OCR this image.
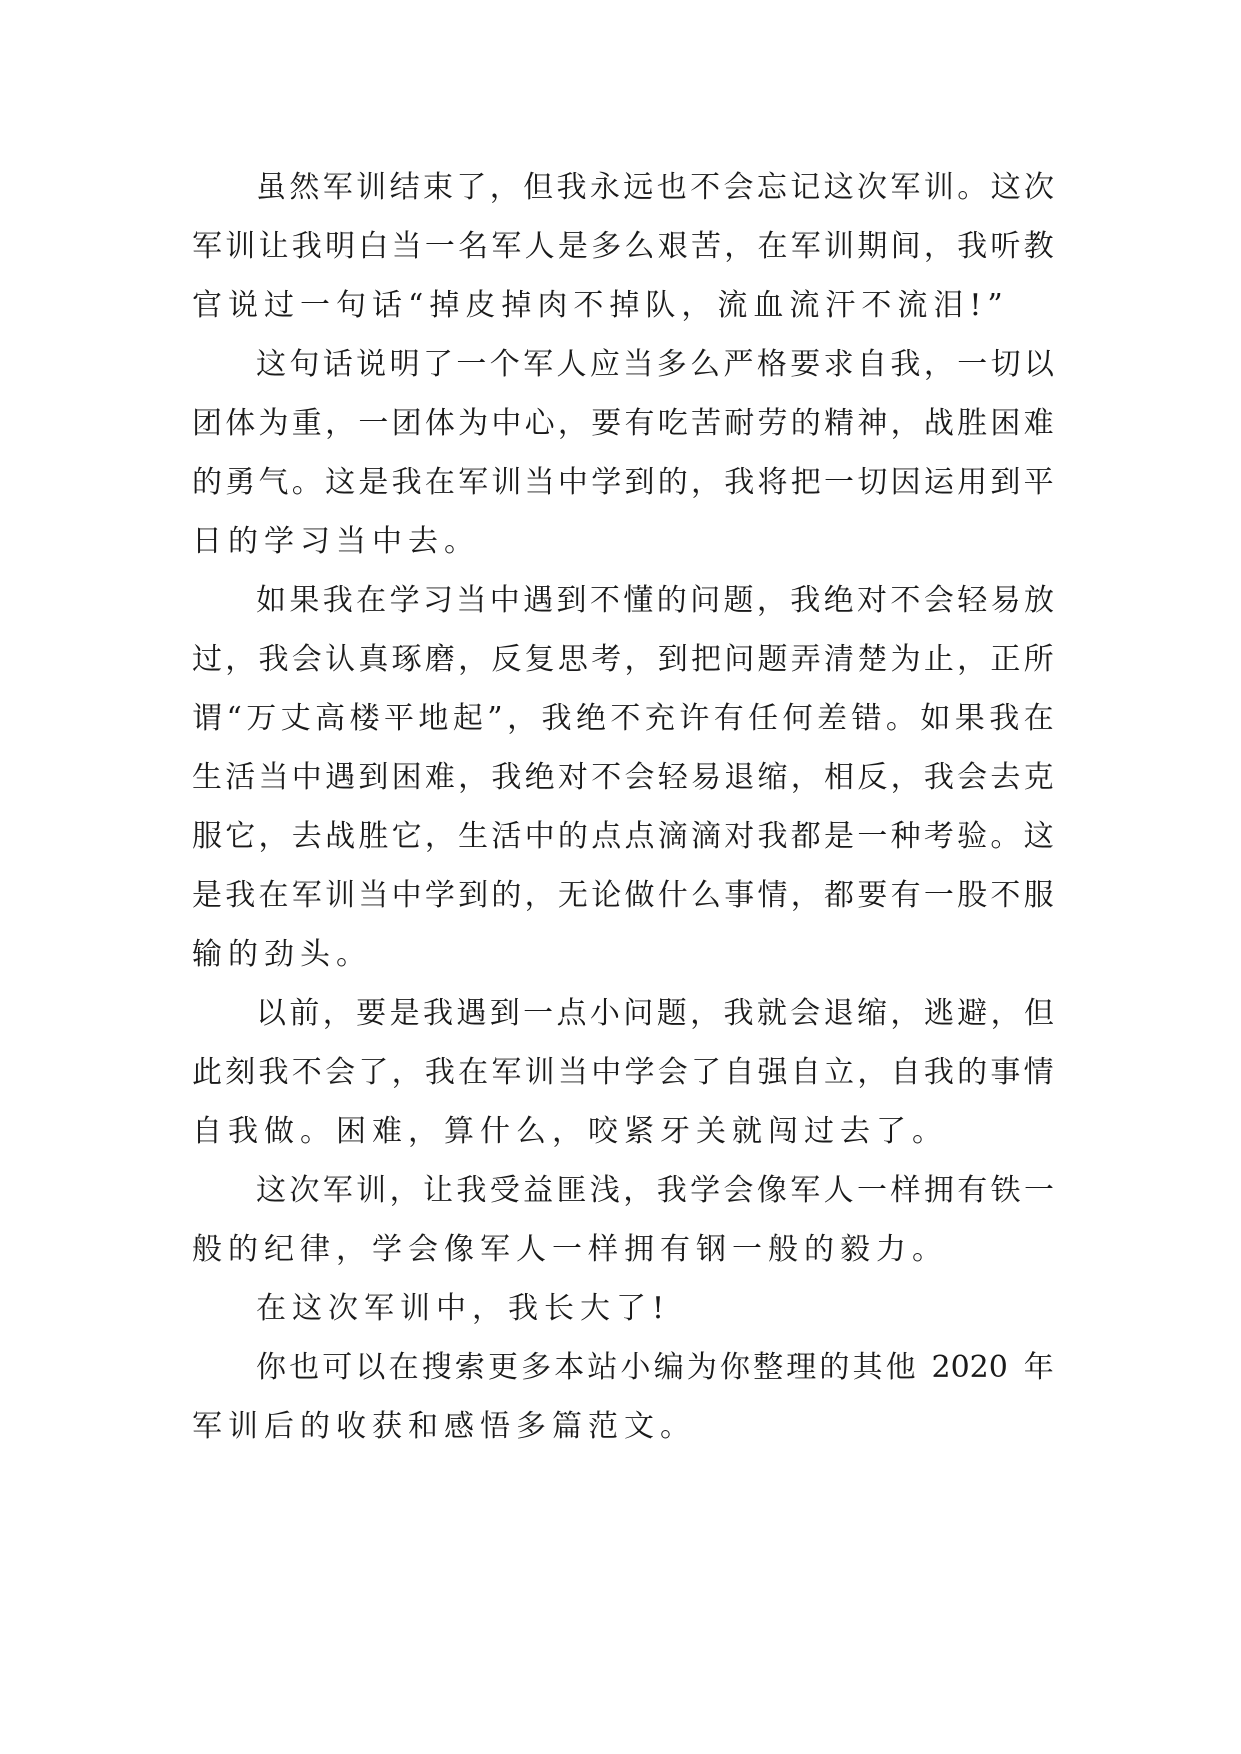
虽 然 军 训 结 束 了 ， 但 我 永 远 也 不 会 忘 记 这 次 军 训 。 这 次
军 训 让 我 明 白 当 一 名 军 人 是 多 么 艰 苦 ， 在 军 训 期 间 ， 我 听 教
官说过一句话“掉皮掉肉不掉队，流血流汗不流泪!”
这 句 话 说 明 了 一 个 军 人 应 当 多 么 严 格 要 求 自 我 ， 一 切 以
团 体 为 重 ， 一 团 体 为 中 心 ， 要 有 吃 苦 耐 劳 的 精 神 ， 战 胜 困 难
的 勇 气 。 这 是 我 在 军 训 当 中 学 到 的 ， 我 将 把 一 切 因 运 用 到 平
日的学习当中去。
如 果 我 在 学 习 当 中 遇 到 不 懂 的 问 题 ， 我 绝 对 不 会 轻 易 放
过 ， 我 会 认 真 琢 磨 ， 反 复 思 考 ， 到 把 问 题 弄 清 楚 为 止 ， 正 所
谓 “ 万 丈 高 楼 平 地 起 ” ， 我 绝 不 充 许 有 任 何 差 错 。 如 果 我 在
生 活 当 中 遇 到 困 难 ， 我 绝 对 不 会 轻 易 退 缩 ， 相 反 ， 我 会 去 克
服 它 ， 去 战 胜 它 ， 生 活 中 的 点 点 滴 滴 对 我 都 是 一 种 考 验 。 这
是 我 在 军 训 当 中 学 到 的 ， 无 论 做 什 么 事 情 ， 都 要 有 一 股 不 服
输的劲头。
以 前 ， 要 是 我 遇 到 一 点 小 问 题 ， 我 就 会 退 缩 ， 逃 避 ， 但
此 刻 我 不 会 了 ， 我 在 军 训 当 中 学 会 了 自 强 自 立 ， 自 我 的 事 情
自我做。困难，算什么，咬紧牙关就闯过去了。
这 次 军 训 ， 让 我 受 益 匪 浅 ， 我 学 会 像 军 人 一 样 拥 有 铁 一
般的纪律，学会像军人一样拥有钢一般的毅力。
在这次军训中，我长大了!
你 也 可 以 在 搜 索 更 多 本 站 小 编 为 你 整 理 的 其 他
2020
年
军训后的收获和感悟多篇范文。
